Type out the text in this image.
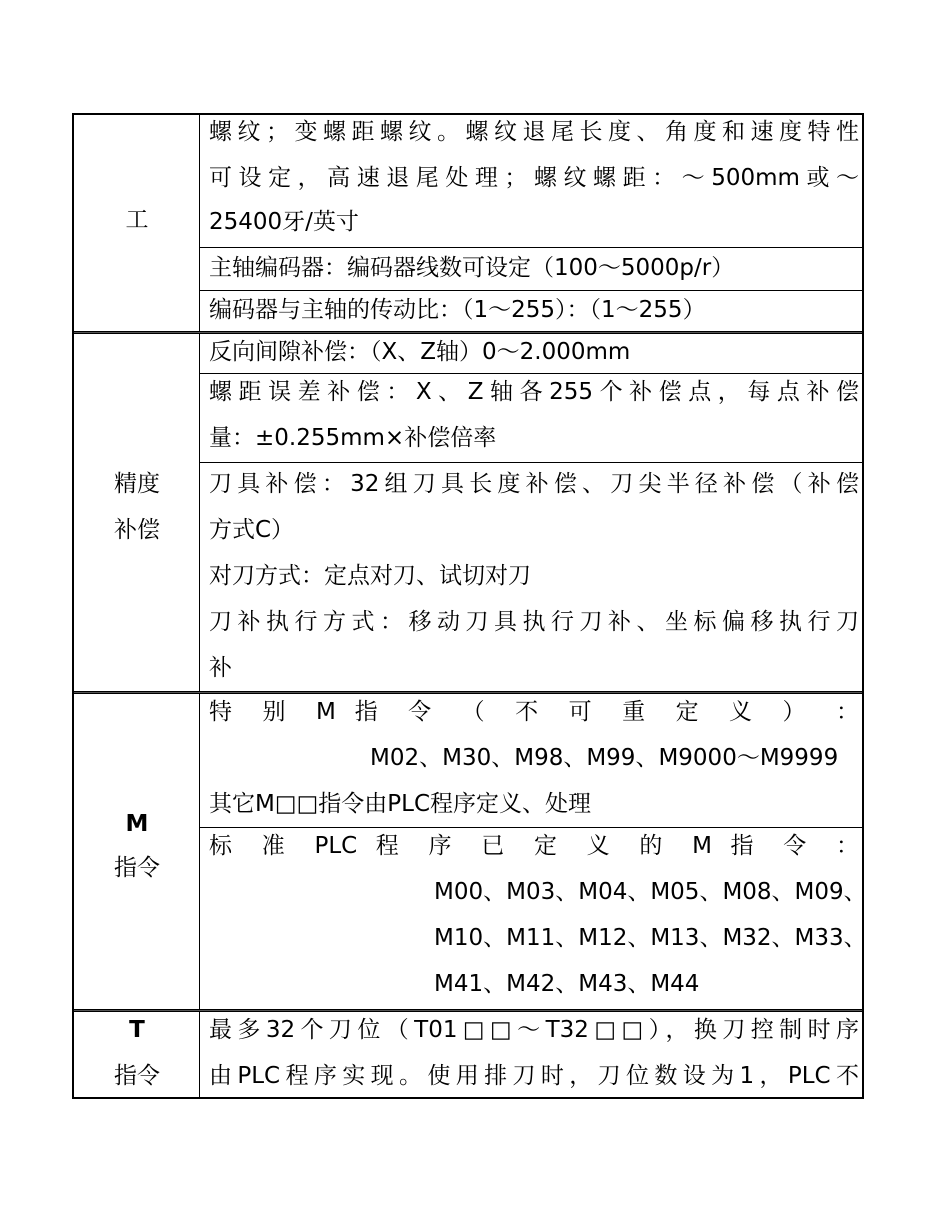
工
螺纹；变螺距螺纹。螺纹退尾长度、角度和速度特性
可设定，高速退尾处理；螺纹螺距：～500mm或～
25400牙/英寸
主轴编码器：编码器线数可设定（100～5000p/r）
编码器与主轴的传动比：（1～255）：（1～255）
精度
补偿
反向间隙补偿：（X、Z轴）0～2.000mm
螺距误差补偿：X、Z轴各255个补偿点，每点补偿
量：±0.255mm×补偿倍率
刀具补偿：32组刀具长度补偿、刀尖半径补偿（补偿
方式C）
对刀方式：定点对刀、试切对刀
刀补执行方式：移动刀具执行刀补、坐标偏移执行刀
补
M
指令
特 别 M 指 令 （ 不 可 重 定 义 ） ：
M02、M30、M98、M99、M9000～M9999
其它M□□指令由PLC程序定义、处理
标 准 PLC 程 序 已 定 义 的 M 指 令 ：
M00、M03、M04、M05、M08、M09、
M10、M11、M12、M13、M32、M33、
M41、M42、M43、M44
T
指令
最多32个刀位（T01□□～T32□□），换刀控制时序
由PLC程序实现。使用排刀时，刀位数设为1，PLC不
